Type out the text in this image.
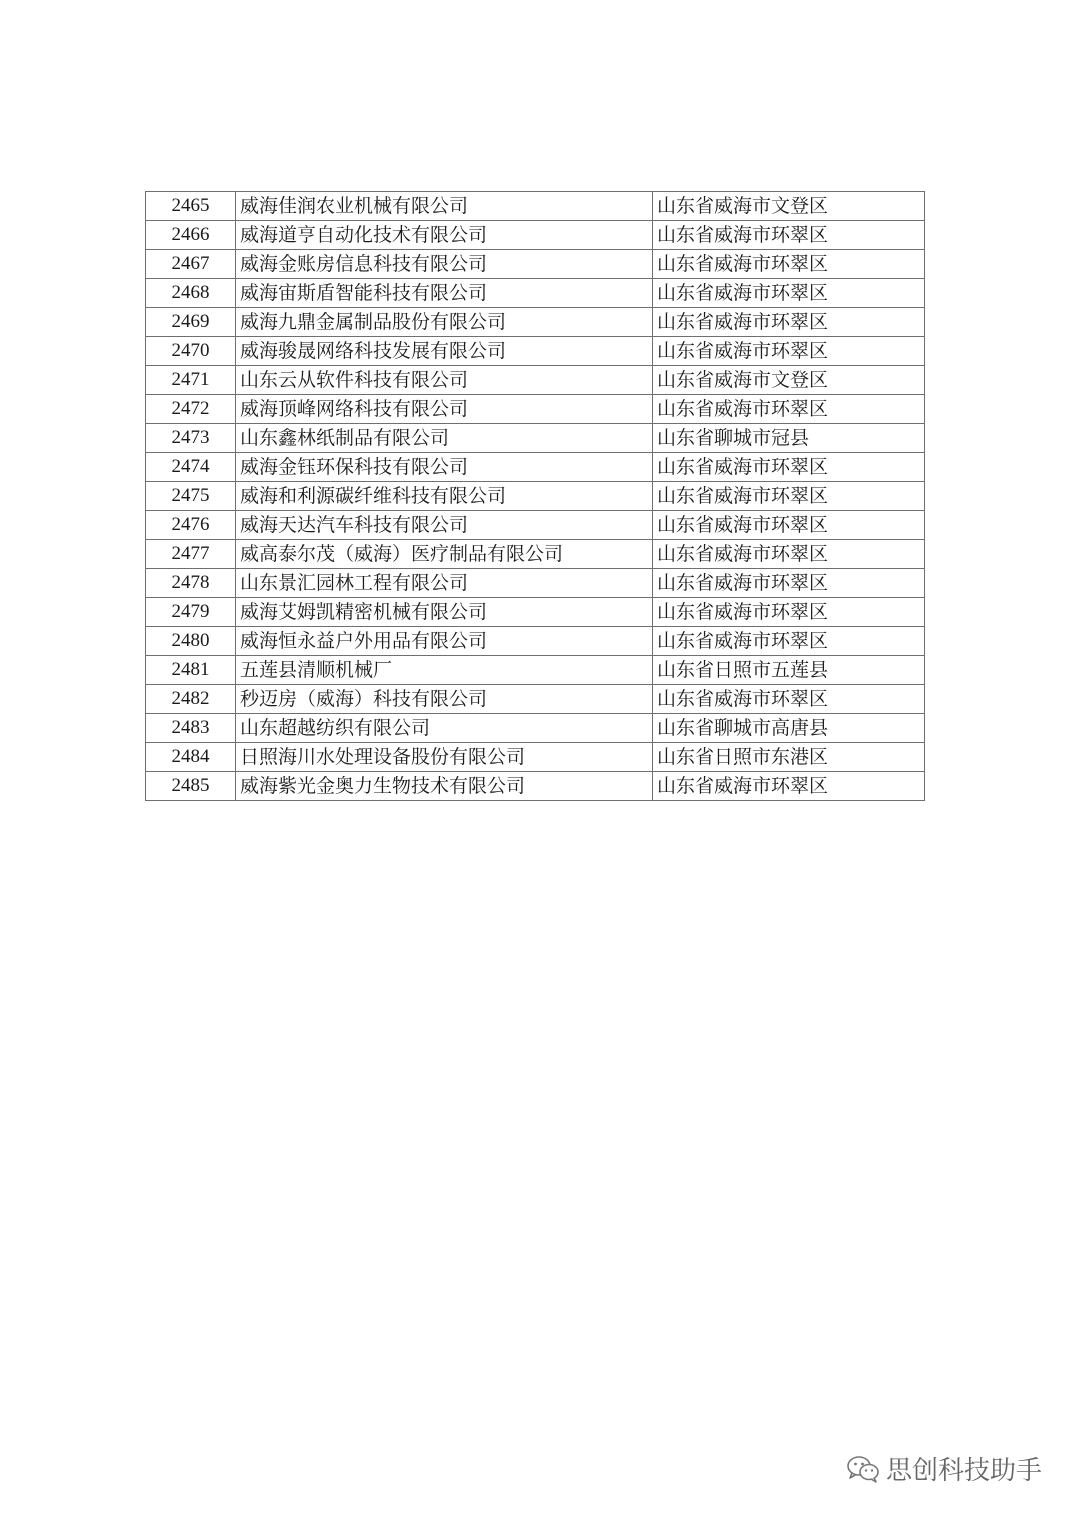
2465	威海佳润农业机械有限公司	山东省威海市文登区
2466	威海道亨自动化技术有限公司	山东省威海市环翠区
2467	威海金账房信息科技有限公司	山东省威海市环翠区
2468	威海宙斯盾智能科技有限公司	山东省威海市环翠区
2469	威海九鼎金属制品股份有限公司	山东省威海市环翠区
2470	威海骏晟网络科技发展有限公司	山东省威海市环翠区
2471	山东云从软件科技有限公司	山东省威海市文登区
2472	威海顶峰网络科技有限公司	山东省威海市环翠区
2473	山东鑫林纸制品有限公司	山东省聊城市冠县
2474	威海金钰环保科技有限公司	山东省威海市环翠区
2475	威海和利源碳纤维科技有限公司	山东省威海市环翠区
2476	威海天达汽车科技有限公司	山东省威海市环翠区
2477	威高泰尔茂（威海）医疗制品有限公司	山东省威海市环翠区
2478	山东景汇园林工程有限公司	山东省威海市环翠区
2479	威海艾姆凯精密机械有限公司	山东省威海市环翠区
2480	威海恒永益户外用品有限公司	山东省威海市环翠区
2481	五莲县清顺机械厂	山东省日照市五莲县
2482	秒迈房（威海）科技有限公司	山东省威海市环翠区
2483	山东超越纺织有限公司	山东省聊城市高唐县
2484	日照海川水处理设备股份有限公司	山东省日照市东港区
2485	威海紫光金奥力生物技术有限公司	山东省威海市环翠区
思创科技助手
